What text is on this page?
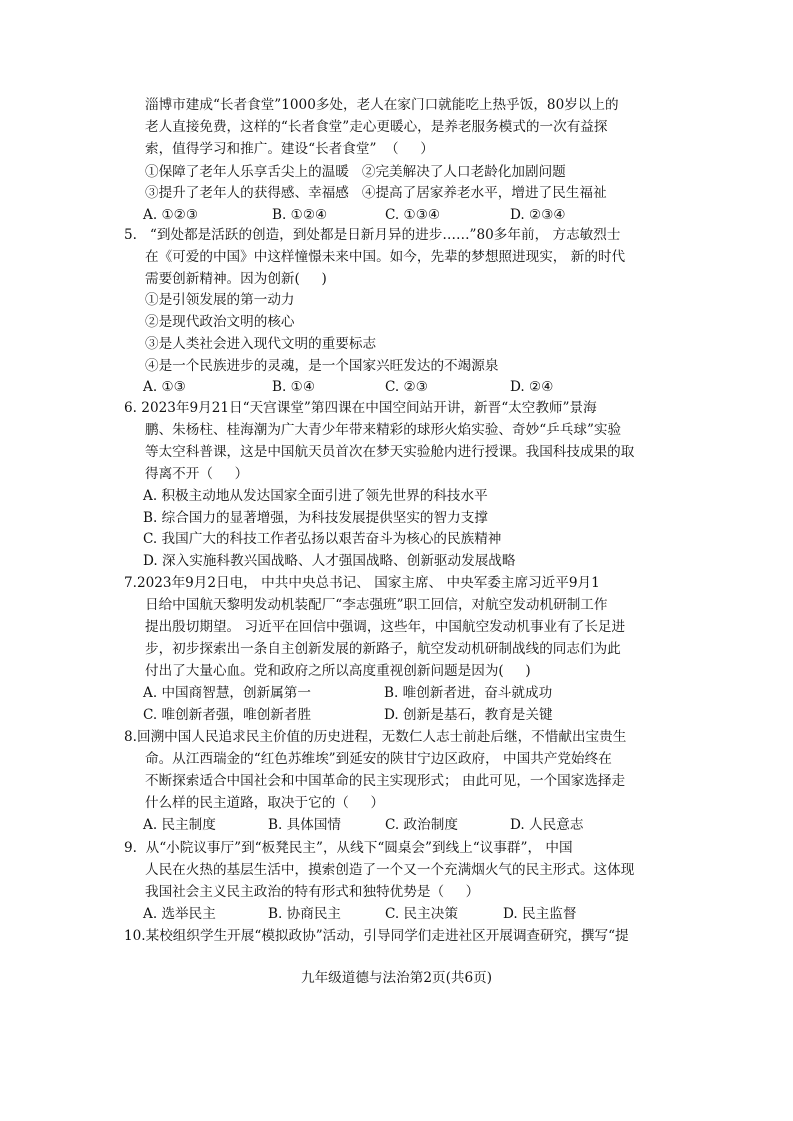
淄博市建成“长者食堂”1000多处，老人在家门口就能吃上热乎饭，80岁以上的
老人直接免费，这样的“长者食堂”走心更暖心，是养老服务模式的一次有益探
索，值得学习和推广。建设“长者食堂”  （     ）
①保障了老年人乐享舌尖上的温暖   ②完美解决了人口老龄化加剧问题
③提升了老年人的获得感、幸福感   ④提高了居家养老水平，增进了民生福祉
A. ①②③	B. ①②④	C. ①③④	D. ②③④
5.   “到处都是活跃的创造，到处都是日新月异的进步……”80多年前， 方志敏烈士
在《可爱的中国》中这样憧憬未来中国。如今，先辈的梦想照进现实， 新的时代
需要创新精神。因为创新(     )
①是引领发展的第一动力
②是现代政治文明的核心
③是人类社会进入现代文明的重要标志
④是一个民族进步的灵魂，是一个国家兴旺发达的不竭源泉
A. ①③	B. ①④	C. ②③	D. ②④
6. 2023年9月21日“天宫课堂”第四课在中国空间站开讲，新晋“太空教师”景海
鹏、朱杨柱、桂海潮为广大青少年带来精彩的球形火焰实验、奇妙“乒乓球”实验
等太空科普课，这是中国航天员首次在梦天实验舱内进行授课。我国科技成果的取
得离不开（     ）
A. 积极主动地从发达国家全面引进了领先世界的科技水平
B. 综合国力的显著增强，为科技发展提供坚实的智力支撑
C. 我国广大的科技工作者弘扬以艰苦奋斗为核心的民族精神
D. 深入实施科教兴国战略、人才强国战略、创新驱动发展战略
7.2023年9月2日电， 中共中央总书记、 国家主席、 中央军委主席习近平9月1
日给中国航天黎明发动机装配厂“李志强班”职工回信，对航空发动机研制工作
提出殷切期望。 习近平在回信中强调，这些年，中国航空发动机事业有了长足进
步，初步探索出一条自主创新发展的新路子，航空发动机研制战线的同志们为此
付出了大量心血。党和政府之所以高度重视创新问题是因为(     )
A. 中国商智慧，创新属第一	B. 唯创新者进，奋斗就成功
C. 唯创新者强，唯创新者胜	D. 创新是基石，教育是关键
8.回溯中国人民追求民主价值的历史进程，无数仁人志士前赴后继，不惜献出宝贵生
命。从江西瑞金的“红色苏维埃”到延安的陕甘宁边区政府， 中国共产党始终在
不断探索适合中国社会和中国革命的民主实现形式； 由此可见，一个国家选择走
什么样的民主道路，取决于它的（     ）
A. 民主制度	B. 具体国情	C. 政治制度	D. 人民意志
9.  从“小院议事厅”到“板凳民主”，从线下“圆桌会”到线上“议事群”， 中国
人民在火热的基层生活中，摸索创造了一个又一个充满烟火气的民主形式。这体现
我国社会主义民主政治的特有形式和独特优势是（     ）
A. 选举民主	B. 协商民主	C. 民主决策	D. 民主监督
10.某校组织学生开展“模拟政协”活动，引导同学们走进社区开展调查研究，撰写“提
九年级道德与法治第2页(共6页)
